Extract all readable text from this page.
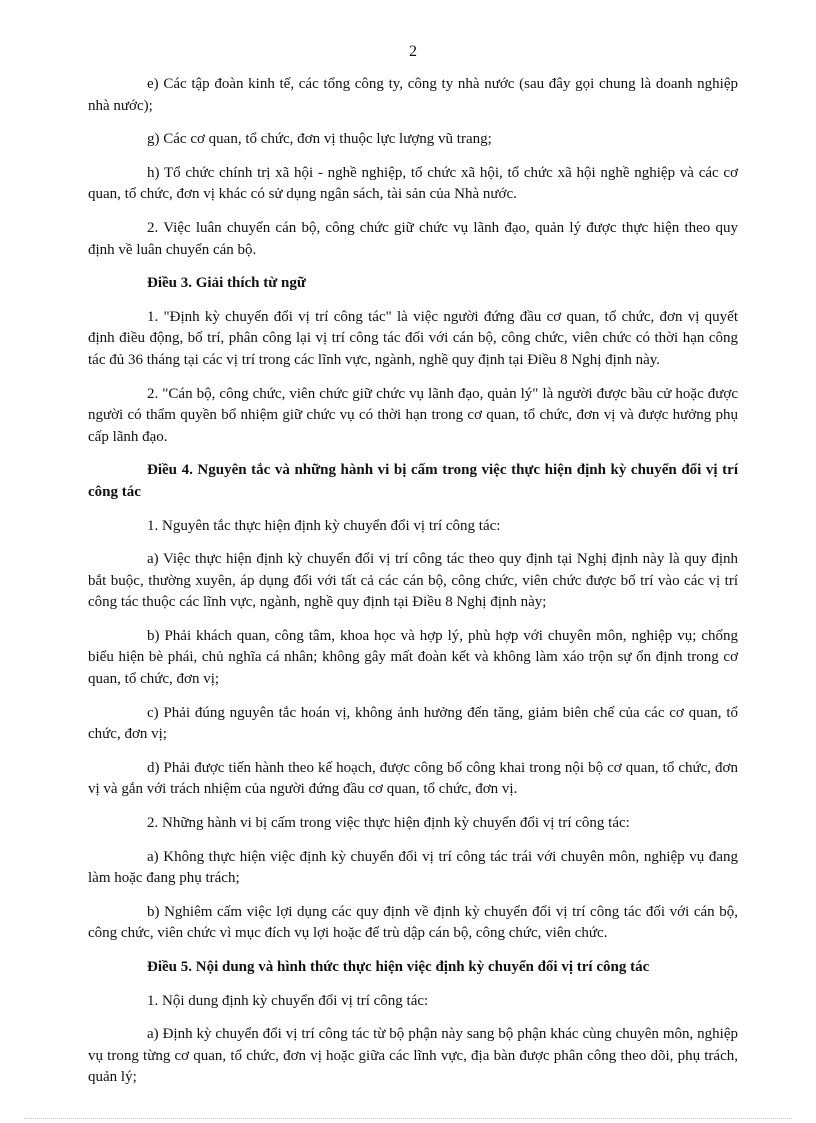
2

e) Các tập đoàn kinh tế, các tổng công ty, công ty nhà nước (sau đây gọi chung là doanh nghiệp nhà nước);

g) Các cơ quan, tổ chức, đơn vị thuộc lực lượng vũ trang;

h) Tổ chức chính trị xã hội - nghề nghiệp, tổ chức xã hội, tổ chức xã hội nghề nghiệp và các cơ quan, tổ chức, đơn vị khác có sử dụng ngân sách, tài sản của Nhà nước.

2. Việc luân chuyển cán bộ, công chức giữ chức vụ lãnh đạo, quản lý được thực hiện theo quy định về luân chuyển cán bộ.

Điều 3. Giải thích từ ngữ

1. "Định kỳ chuyển đổi vị trí công tác" là việc người đứng đầu cơ quan, tổ chức, đơn vị quyết định điều động, bố trí, phân công lại vị trí công tác đối với cán bộ, công chức, viên chức có thời hạn công tác đủ 36 tháng tại các vị trí trong các lĩnh vực, ngành, nghề quy định tại Điều 8 Nghị định này.

2. "Cán bộ, công chức, viên chức giữ chức vụ lãnh đạo, quản lý" là người được bầu cử hoặc được người có thẩm quyền bổ nhiệm giữ chức vụ có thời hạn trong cơ quan, tổ chức, đơn vị và được hưởng phụ cấp lãnh đạo.

Điều 4. Nguyên tắc và những hành vi bị cấm trong việc thực hiện định kỳ chuyển đổi vị trí công tác

1. Nguyên tắc thực hiện định kỳ chuyển đổi vị trí công tác:

a) Việc thực hiện định kỳ chuyển đổi vị trí công tác theo quy định tại Nghị định này là quy định bắt buộc, thường xuyên, áp dụng đối với tất cả các cán bộ, công chức, viên chức được bố trí vào các vị trí công tác thuộc các lĩnh vực, ngành, nghề quy định tại Điều 8 Nghị định này;

b) Phải khách quan, công tâm, khoa học và hợp lý, phù hợp với chuyên môn, nghiệp vụ; chống biểu hiện bè phái, chủ nghĩa cá nhân; không gây mất đoàn kết và không làm xáo trộn sự ổn định trong cơ quan, tổ chức, đơn vị;

c) Phải đúng nguyên tắc hoán vị, không ảnh hưởng đến tăng, giảm biên chế của các cơ quan, tổ chức, đơn vị;

d) Phải được tiến hành theo kế hoạch, được công bố công khai trong nội bộ cơ quan, tổ chức, đơn vị và gắn với trách nhiệm của người đứng đầu cơ quan, tổ chức, đơn vị.

2. Những hành vi bị cấm trong việc thực hiện định kỳ chuyển đổi vị trí công tác:

a) Không thực hiện việc định kỳ chuyển đổi vị trí công tác trái với chuyên môn, nghiệp vụ đang làm hoặc đang phụ trách;

b) Nghiêm cấm việc lợi dụng các quy định về định kỳ chuyển đổi vị trí công tác đối với cán bộ, công chức, viên chức vì mục đích vụ lợi hoặc để trù dập cán bộ, công chức, viên chức.

Điều 5. Nội dung và hình thức thực hiện việc định kỳ chuyển đổi vị trí công tác

1. Nội dung định kỳ chuyển đổi vị trí công tác:

a) Định kỳ chuyển đổi vị trí công tác từ bộ phận này sang bộ phận khác cùng chuyên môn, nghiệp vụ trong từng cơ quan, tổ chức, đơn vị hoặc giữa các lĩnh vực, địa bàn được phân công theo dõi, phụ trách, quản lý;
